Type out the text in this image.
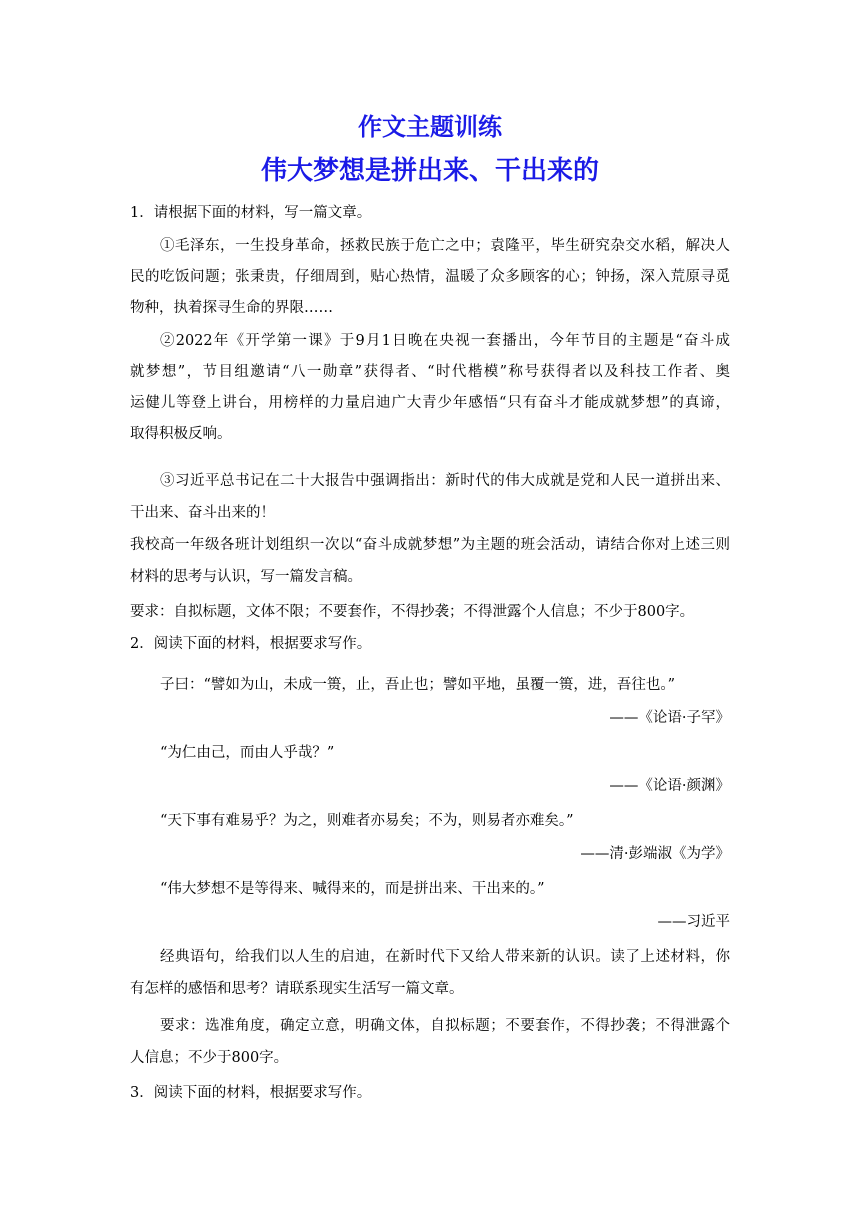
作文主题训练
伟大梦想是拼出来、干出来的
1．请根据下面的材料，写一篇文章。
①毛泽东，一生投身革命，拯救民族于危亡之中；袁隆平，毕生研究杂交水稻，解决人
民的吃饭问题；张秉贵，仔细周到，贴心热情，温暖了众多顾客的心；钟扬，深入荒原寻觅
物种，执着探寻生命的界限……
②2022年《开学第一课》于9月1日晚在央视一套播出，今年节目的主题是“奋斗成
就梦想”，节目组邀请“八一勋章”获得者、“时代楷模”称号获得者以及科技工作者、奥
运健儿等登上讲台，用榜样的力量启迪广大青少年感悟“只有奋斗才能成就梦想”的真谛，
取得积极反响。
③习近平总书记在二十大报告中强调指出：新时代的伟大成就是党和人民一道拼出来、
干出来、奋斗出来的！
我校高一年级各班计划组织一次以“奋斗成就梦想”为主题的班会活动，请结合你对上述三则
材料的思考与认识，写一篇发言稿。
要求：自拟标题，文体不限；不要套作，不得抄袭；不得泄露个人信息；不少于800字。
2．阅读下面的材料，根据要求写作。
子曰：“譬如为山，未成一篑，止，吾止也；譬如平地，虽覆一篑，进，吾往也。”
——《论语·子罕》
“为仁由己，而由人乎哉？”
——《论语·颜渊》
“天下事有难易乎？为之，则难者亦易矣；不为，则易者亦难矣。”
——清·彭端淑《为学》
“伟大梦想不是等得来、喊得来的，而是拼出来、干出来的。”
——习近平
经典语句，给我们以人生的启迪，在新时代下又给人带来新的认识。读了上述材料，你
有怎样的感悟和思考？请联系现实生活写一篇文章。
要求：选准角度，确定立意，明确文体，自拟标题；不要套作，不得抄袭；不得泄露个
人信息；不少于800字。
3．阅读下面的材料，根据要求写作。
